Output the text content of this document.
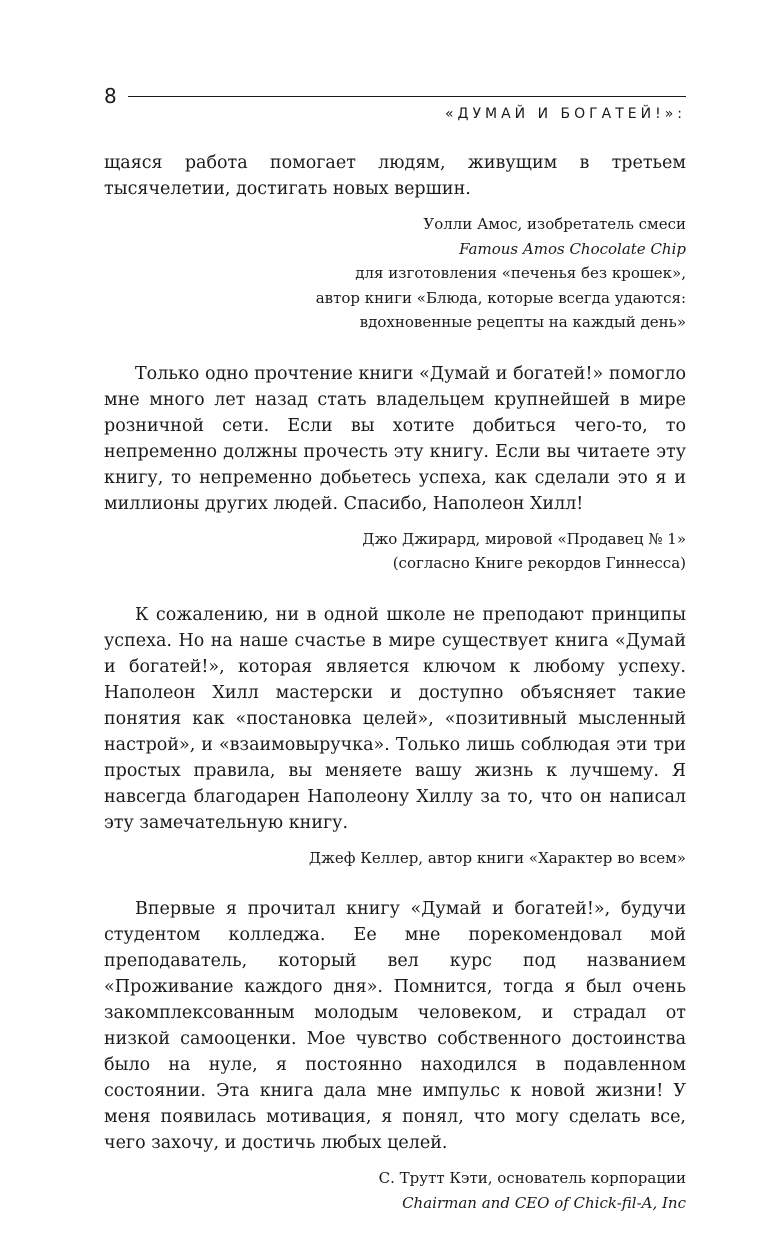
8
«ДУМАЙ И БОГАТЕЙ!»:

щаяся работа помогает людям, живущим в третьем тысячелетии, достигать новых вершин.

Уолли Амос, изобретатель смеси
Famous Amos Chocolate Chip
для изготовления «печенья без крошек»,
автор книги «Блюда, которые всегда удаются:
вдохновенные рецепты на каждый день»

Только одно прочтение книги «Думай и богатей!» помогло мне много лет назад стать владельцем крупнейшей в мире розничной сети. Если вы хотите добиться чего-то, то непременно должны прочесть эту книгу. Если вы читаете эту книгу, то непременно добьетесь успеха, как сделали это я и миллионы других людей. Спасибо, Наполеон Хилл!

Джо Джирард, мировой «Продавец № 1»
(согласно Книге рекордов Гиннесса)

К сожалению, ни в одной школе не преподают принципы успеха. Но на наше счастье в мире существует книга «Думай и богатей!», которая является ключом к любому успеху. Наполеон Хилл мастерски и доступно объясняет такие понятия как «постановка целей», «позитивный мысленный настрой», и «взаимовыручка». Только лишь соблюдая эти три простых правила, вы меняете вашу жизнь к лучшему. Я навсегда благодарен Наполеону Хиллу за то, что он написал эту замечательную книгу.

Джеф Келлер, автор книги «Характер во всем»

Впервые я прочитал книгу «Думай и богатей!», будучи студентом колледжа. Ее мне порекомендовал мой преподаватель, который вел курс под названием «Проживание каждого дня». Помнится, тогда я был очень закомплексованным молодым человеком, и страдал от низкой самооценки. Мое чувство собственного достоинства было на нуле, я постоянно находился в подавленном состоянии. Эта книга дала мне импульс к новой жизни! У меня появилась мотивация, я понял, что могу сделать все, чего захочу, и достичь любых целей.

С. Трутт Кэти, основатель корпорации
Chairman and CEO of Chick-fil-A, Inc
